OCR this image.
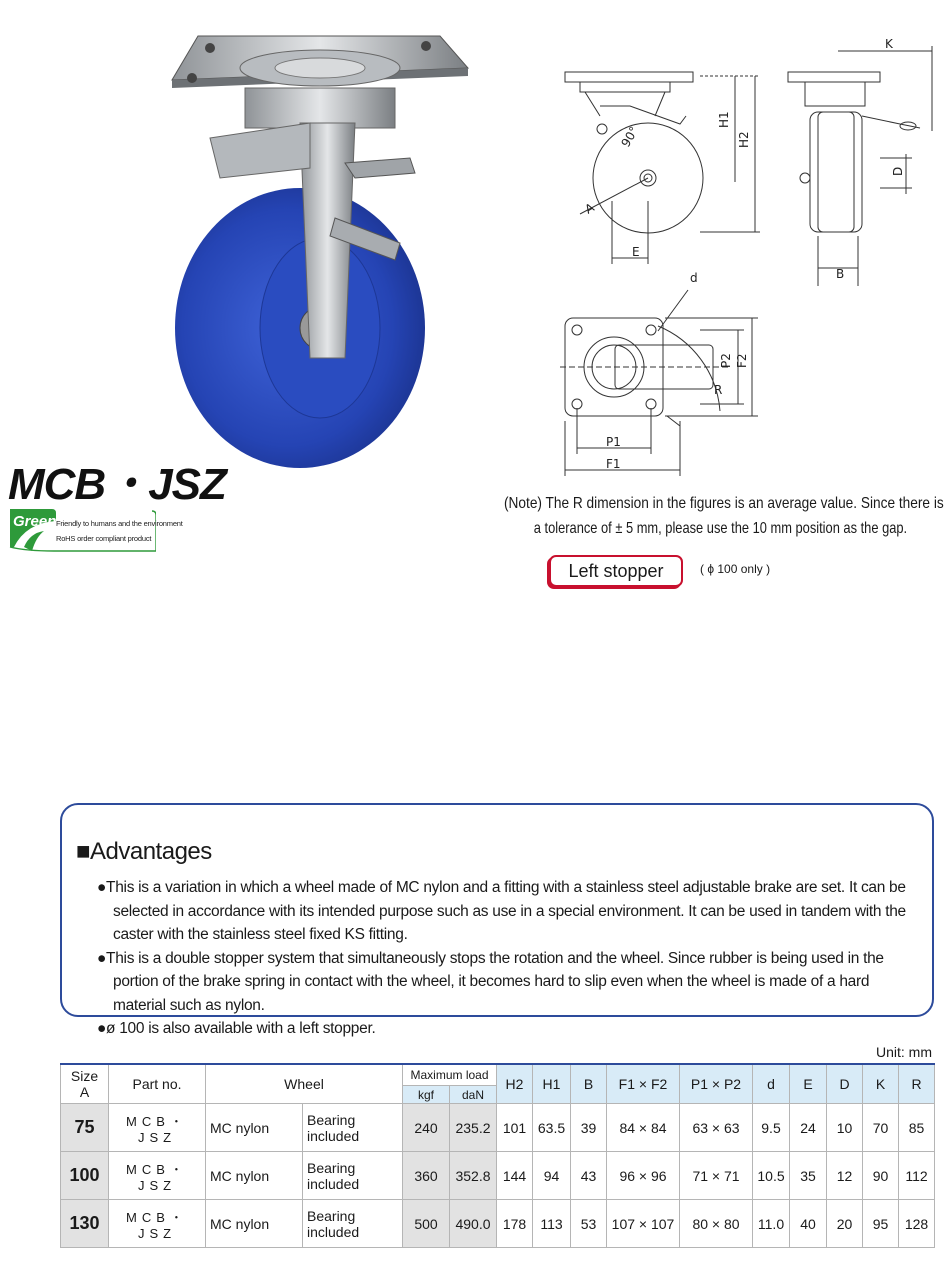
MCB・JSZ
Green Friendly to humans and the environment
RoHS order compliant product
K
H1
H2
A
E
D
B
d
P2 F2
R
P1
F1
90°
(Note) The R dimension in the figures is an average value. Since there is
a tolerance of ± 5 mm, please use the 10 mm position as the gap.
Left stopper	( ϕ 100 only )
■Advantages
●This is a variation in which a wheel made of MC nylon and a fitting with a stainless steel adjustable brake are set. It can be selected in accordance with its intended purpose such as use in a special environment. It can be used in tandem with the caster with the stainless steel fixed KS fitting.
●This is a double stopper system that simultaneously stops the rotation and the wheel. Since rubber is being used in the portion of the brake spring in contact with the wheel, it becomes hard to slip even when the wheel is made of a hard material such as nylon.
●ø 100 is also available with a left stopper.
Unit: mm
Size
A	Part no.	Wheel		Maximum load		H2	H1	B	F1 × F2	P1 × P2	d	E	D	K	R
				kgf	daN										
75	MCB・JSZ	MC nylon	Bearing included	240	235.2	101	63.5	39	84 × 84	63 × 63	9.5	24	10	70	85
100	MCB・JSZ	MC nylon	Bearing included	360	352.8	144	94	43	96 × 96	71 × 71	10.5	35	12	90	112
130	MCB・JSZ	MC nylon	Bearing included	500	490.0	178	113	53	107 × 107	80 × 80	11.0	40	20	95	128
